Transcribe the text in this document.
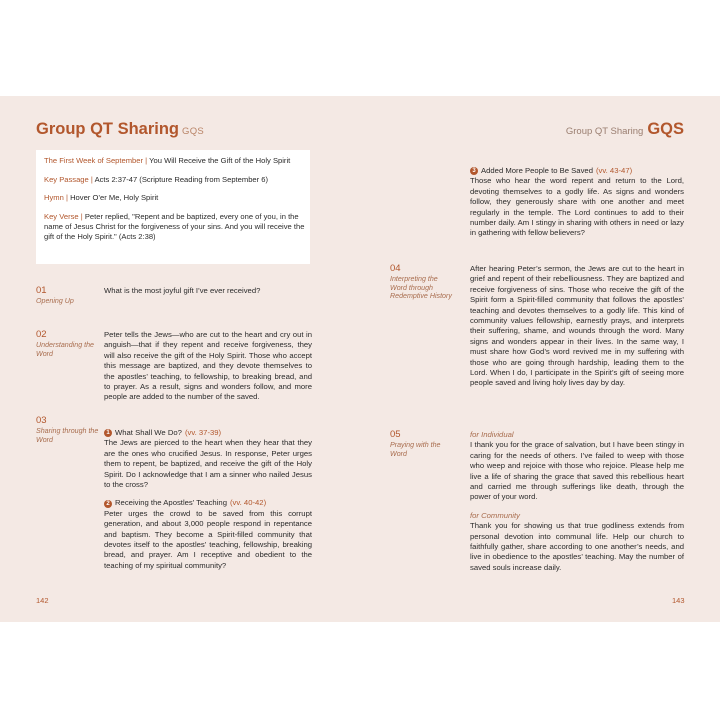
Group QT Sharing GQS

The First Week of September | You Will Receive the Gift of the Holy Spirit

Key Passage | Acts 2:37-47 (Scripture Reading from September 6)

Hymn | Hover O’er Me, Holy Spirit

Key Verse | Peter replied, "Repent and be baptized, every one of you, in the name of Jesus Christ for the forgiveness of your sins. And you will receive the gift of the Holy Spirit." (Acts 2:38)

01
Opening Up

What is the most joyful gift I’ve ever received?

02
Understanding the Word

Peter tells the Jews—who are cut to the heart and cry out in anguish—that if they repent and receive forgiveness, they will also receive the gift of the Holy Spirit. Those who accept this message are baptized, and they devote themselves to the apostles’ teaching, to fellowship, to breaking bread, and to prayer. As a result, signs and wonders follow, and more people are added to the number of the saved.

03
Sharing through the Word
1 What Shall We Do? (vv. 37-39)

The Jews are pierced to the heart when they hear that they are the ones who crucified Jesus. In response, Peter urges them to repent, be baptized, and receive the gift of the Holy Spirit. Do I acknowledge that I am a sinner who nailed Jesus to the cross?

2 Receiving the Apostles’ Teaching (vv. 40-42)

Peter urges the crowd to be saved from this corrupt generation, and about 3,000 people respond in repentance and baptism. They become a Spirit-filled community that devotes itself to the apostles’ teaching, fellowship, breaking bread, and prayer. Am I receptive and obedient to the teaching of my spiritual community?

142
Group QT Sharing GQS
3 Added More People to Be Saved (vv. 43-47)

Those who hear the word repent and return to the Lord, devoting themselves to a godly life. As signs and wonders follow, they generously share with one another and meet regularly in the temple. The Lord continues to add to their number daily. Am I stingy in sharing with others in need or lazy in gathering with fellow believers?

04
Interpreting the Word through Redemptive History

After hearing Peter’s sermon, the Jews are cut to the heart in grief and repent of their rebelliousness. They are baptized and receive forgiveness of sins. Those who receive the gift of the Spirit form a Spirit-filled community that follows the apostles’ teaching and devotes themselves to a godly life. This kind of community values fellowship, earnestly prays, and interprets their suffering, shame, and wounds through the word. Many signs and wonders appear in their lives. In the same way, I must share how God’s word revived me in my suffering with those who are going through hardship, leading them to the Lord. When I do, I participate in the Spirit’s gift of seeing more people saved and living holy lives day by day.

05
Praying with the Word

for Individual

I thank you for the grace of salvation, but I have been stingy in caring for the needs of others. I’ve failed to weep with those who weep and rejoice with those who rejoice. Please help me live a life of sharing the grace that saved this rebellious heart and carried me through sufferings like death, through the power of your word.

for Community

Thank you for showing us that true godliness extends from personal devotion into communal life. Help our church to faithfully gather, share according to one another’s needs, and live in obedience to the apostles’ teaching. May the number of saved souls increase daily.

143
